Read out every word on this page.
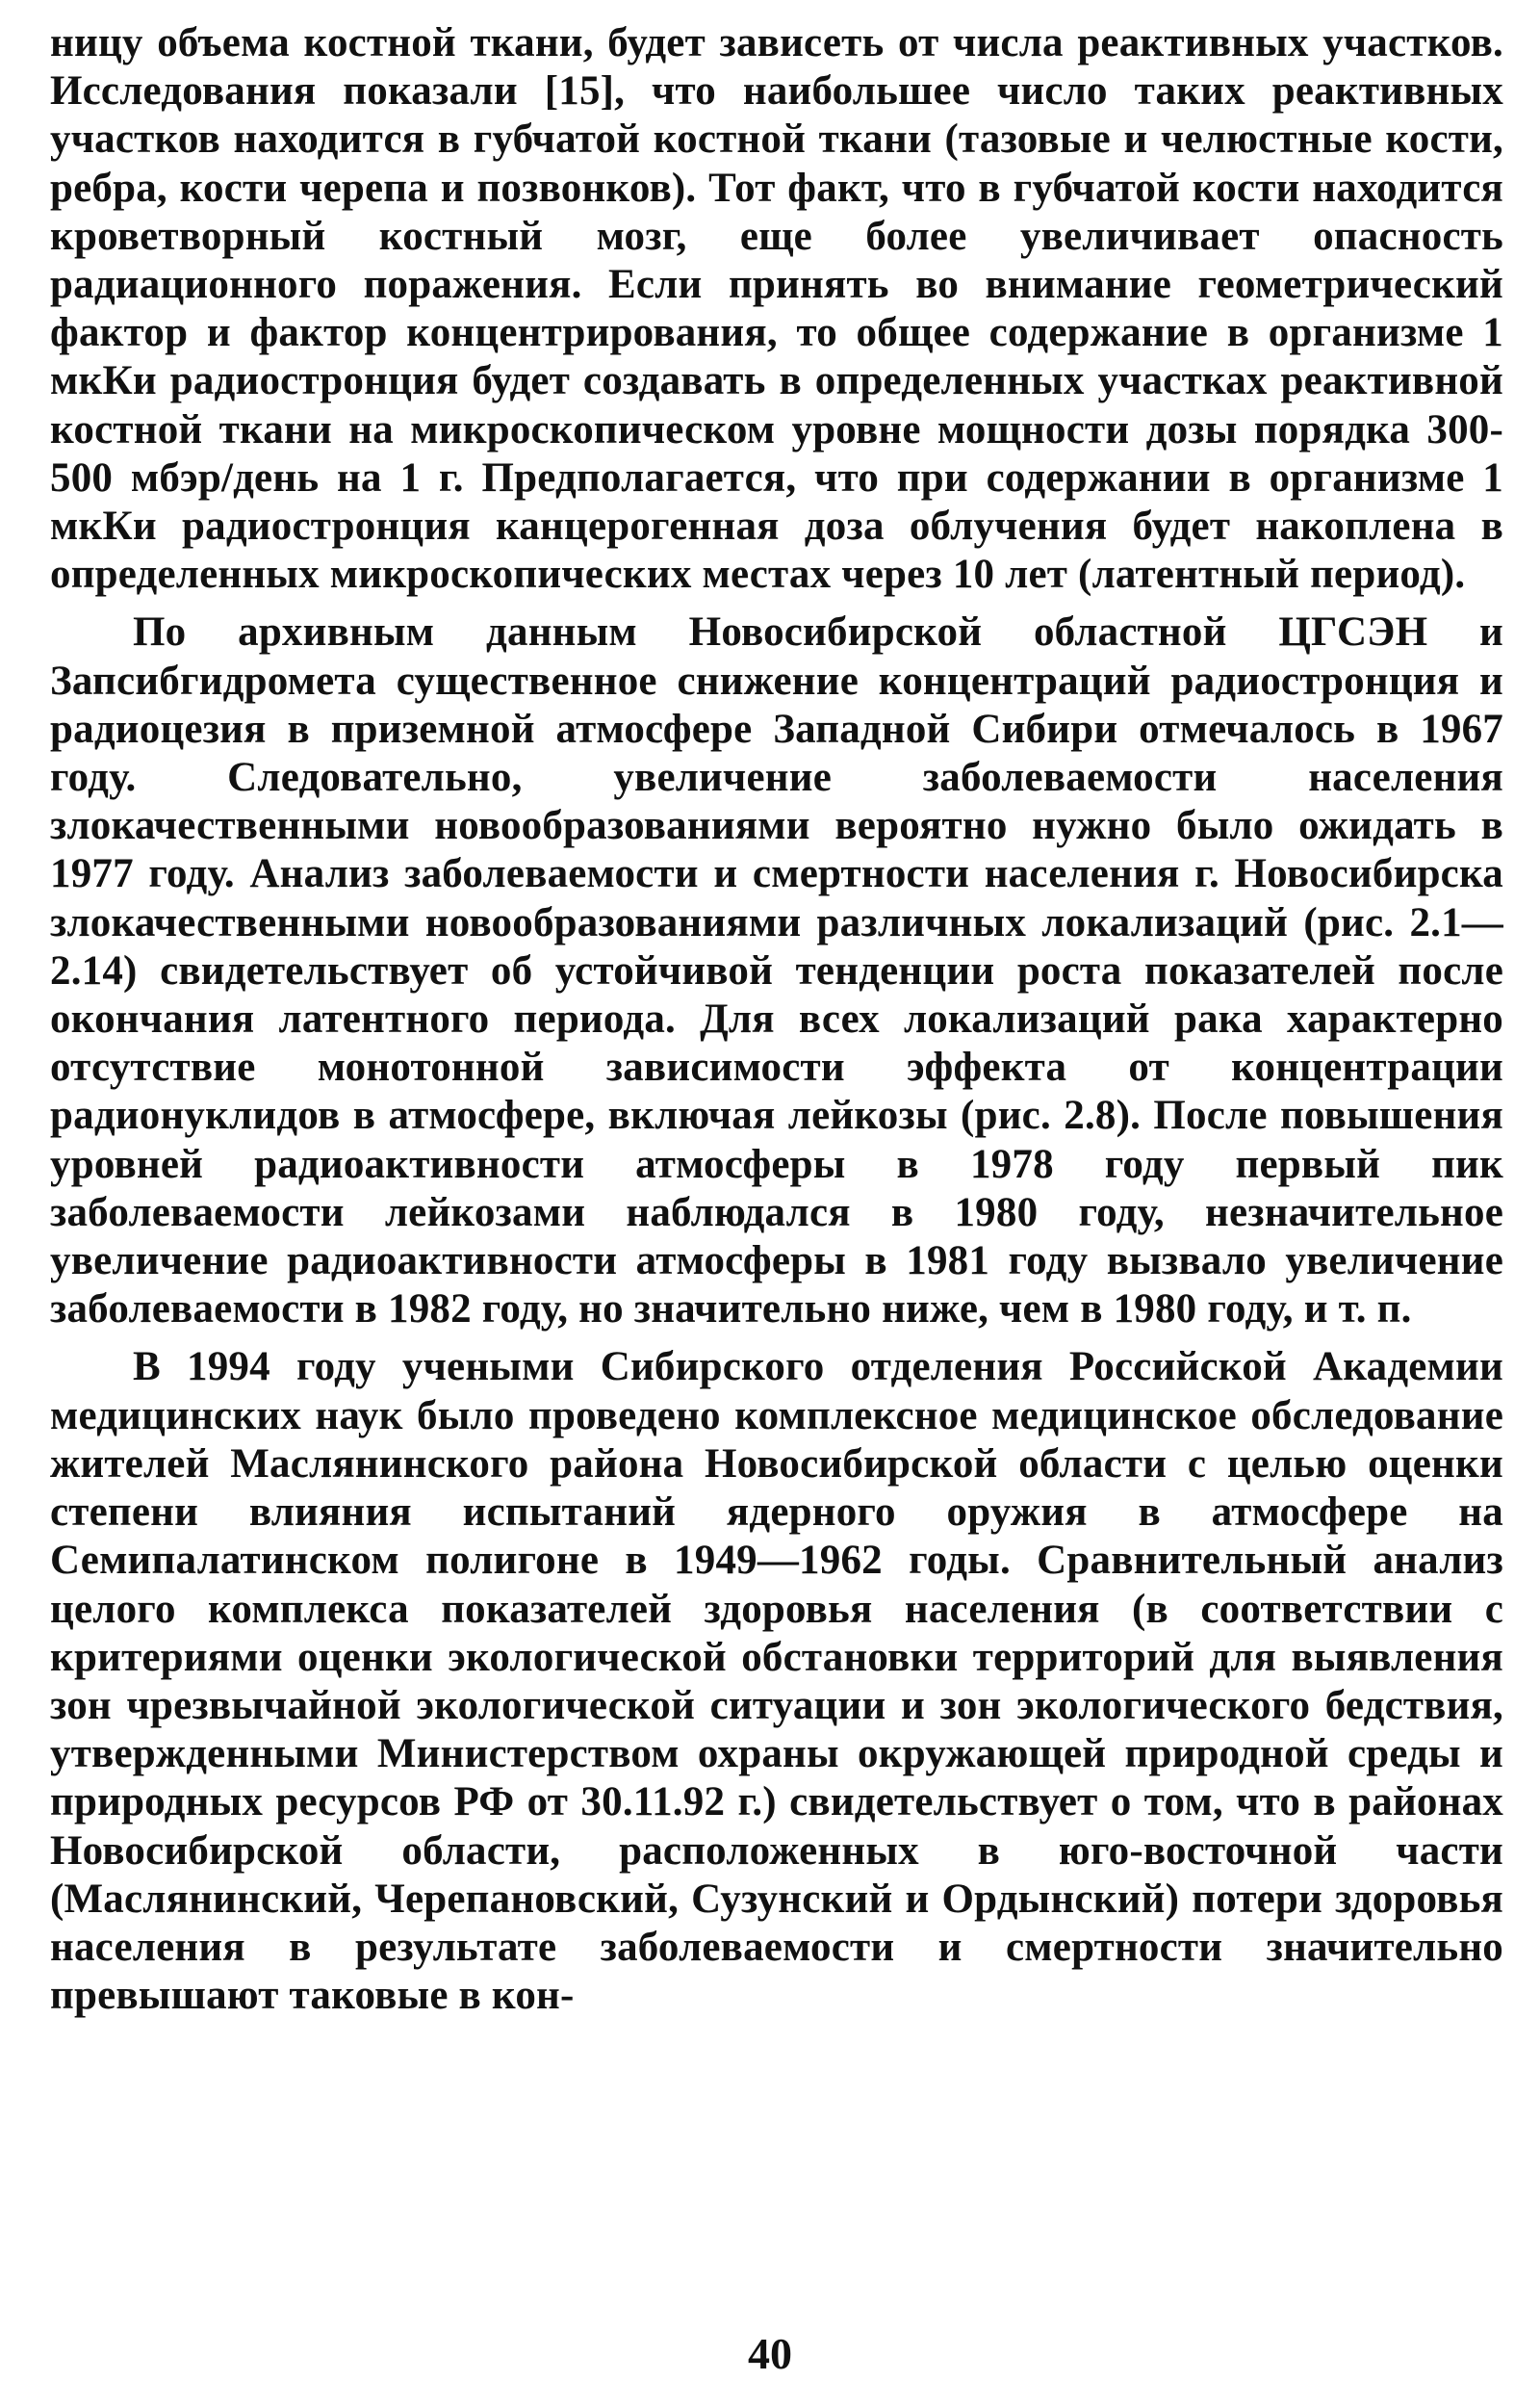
ницу объема костной ткани, будет зависеть от числа реактивных участков. Исследования показали [15], что наибольшее число таких реактивных участков находится в губчатой костной ткани (тазовые и челюстные кости, ребра, кости черепа и позвонков). Тот факт, что в губчатой кости находится кроветворный костный мозг, еще более увеличивает опасность радиационного поражения. Если принять во внимание геометрический фактор и фактор концентрирования, то общее содержание в организме 1 мкКи радиостронция будет создавать в определенных участках реактивной костной ткани на микроскопическом уровне мощности дозы порядка 300-500 мбэр/день на 1 г. Предполагается, что при содержании в организме 1 мкКи радиостронция канцерогенная доза облучения будет накоплена в определенных микроскопических местах через 10 лет (латентный период).

По архивным данным Новосибирской областной ЦГСЭН и Запсибгидромета существенное снижение концентраций радиостронция и радиоцезия в приземной атмосфере Западной Сибири отмечалось в 1967 году. Следовательно, увеличение заболеваемости населения злокачественными новообразованиями вероятно нужно было ожидать в 1977 году. Анализ заболеваемости и смертности населения г. Новосибирска злокачественными новообразованиями различных локализаций (рис. 2.1—2.14) свидетельствует об устойчивой тенденции роста показателей после окончания латентного периода. Для всех локализаций рака характерно отсутствие монотонной зависимости эффекта от концентрации радионуклидов в атмосфере, включая лейкозы (рис. 2.8). После повышения уровней радиоактивности атмосферы в 1978 году первый пик заболеваемости лейкозами наблюдался в 1980 году, незначительное увеличение радиоактивности атмосферы в 1981 году вызвало увеличение заболеваемости в 1982 году, но значительно ниже, чем в 1980 году, и т. п.

В 1994 году учеными Сибирского отделения Российской Академии медицинских наук было проведено комплексное медицинское обследование жителей Маслянинского района Новосибирской области с целью оценки степени влияния испытаний ядерного оружия в атмосфере на Семипалатинском полигоне в 1949—1962 годы. Сравнительный анализ целого комплекса показателей здоровья населения (в соответствии с критериями оценки экологической обстановки территорий для выявления зон чрезвычайной экологической ситуации и зон экологического бедствия, утвержденными Министерством охраны окружающей природной среды и природных ресурсов РФ от 30.11.92 г.) свидетельствует о том, что в районах Новосибирской области, расположенных в юго-восточной части (Маслянинский, Черепановский, Сузунский и Ордынский) потери здоровья населения в результате заболеваемости и смертности значительно превышают таковые в кон-

40
